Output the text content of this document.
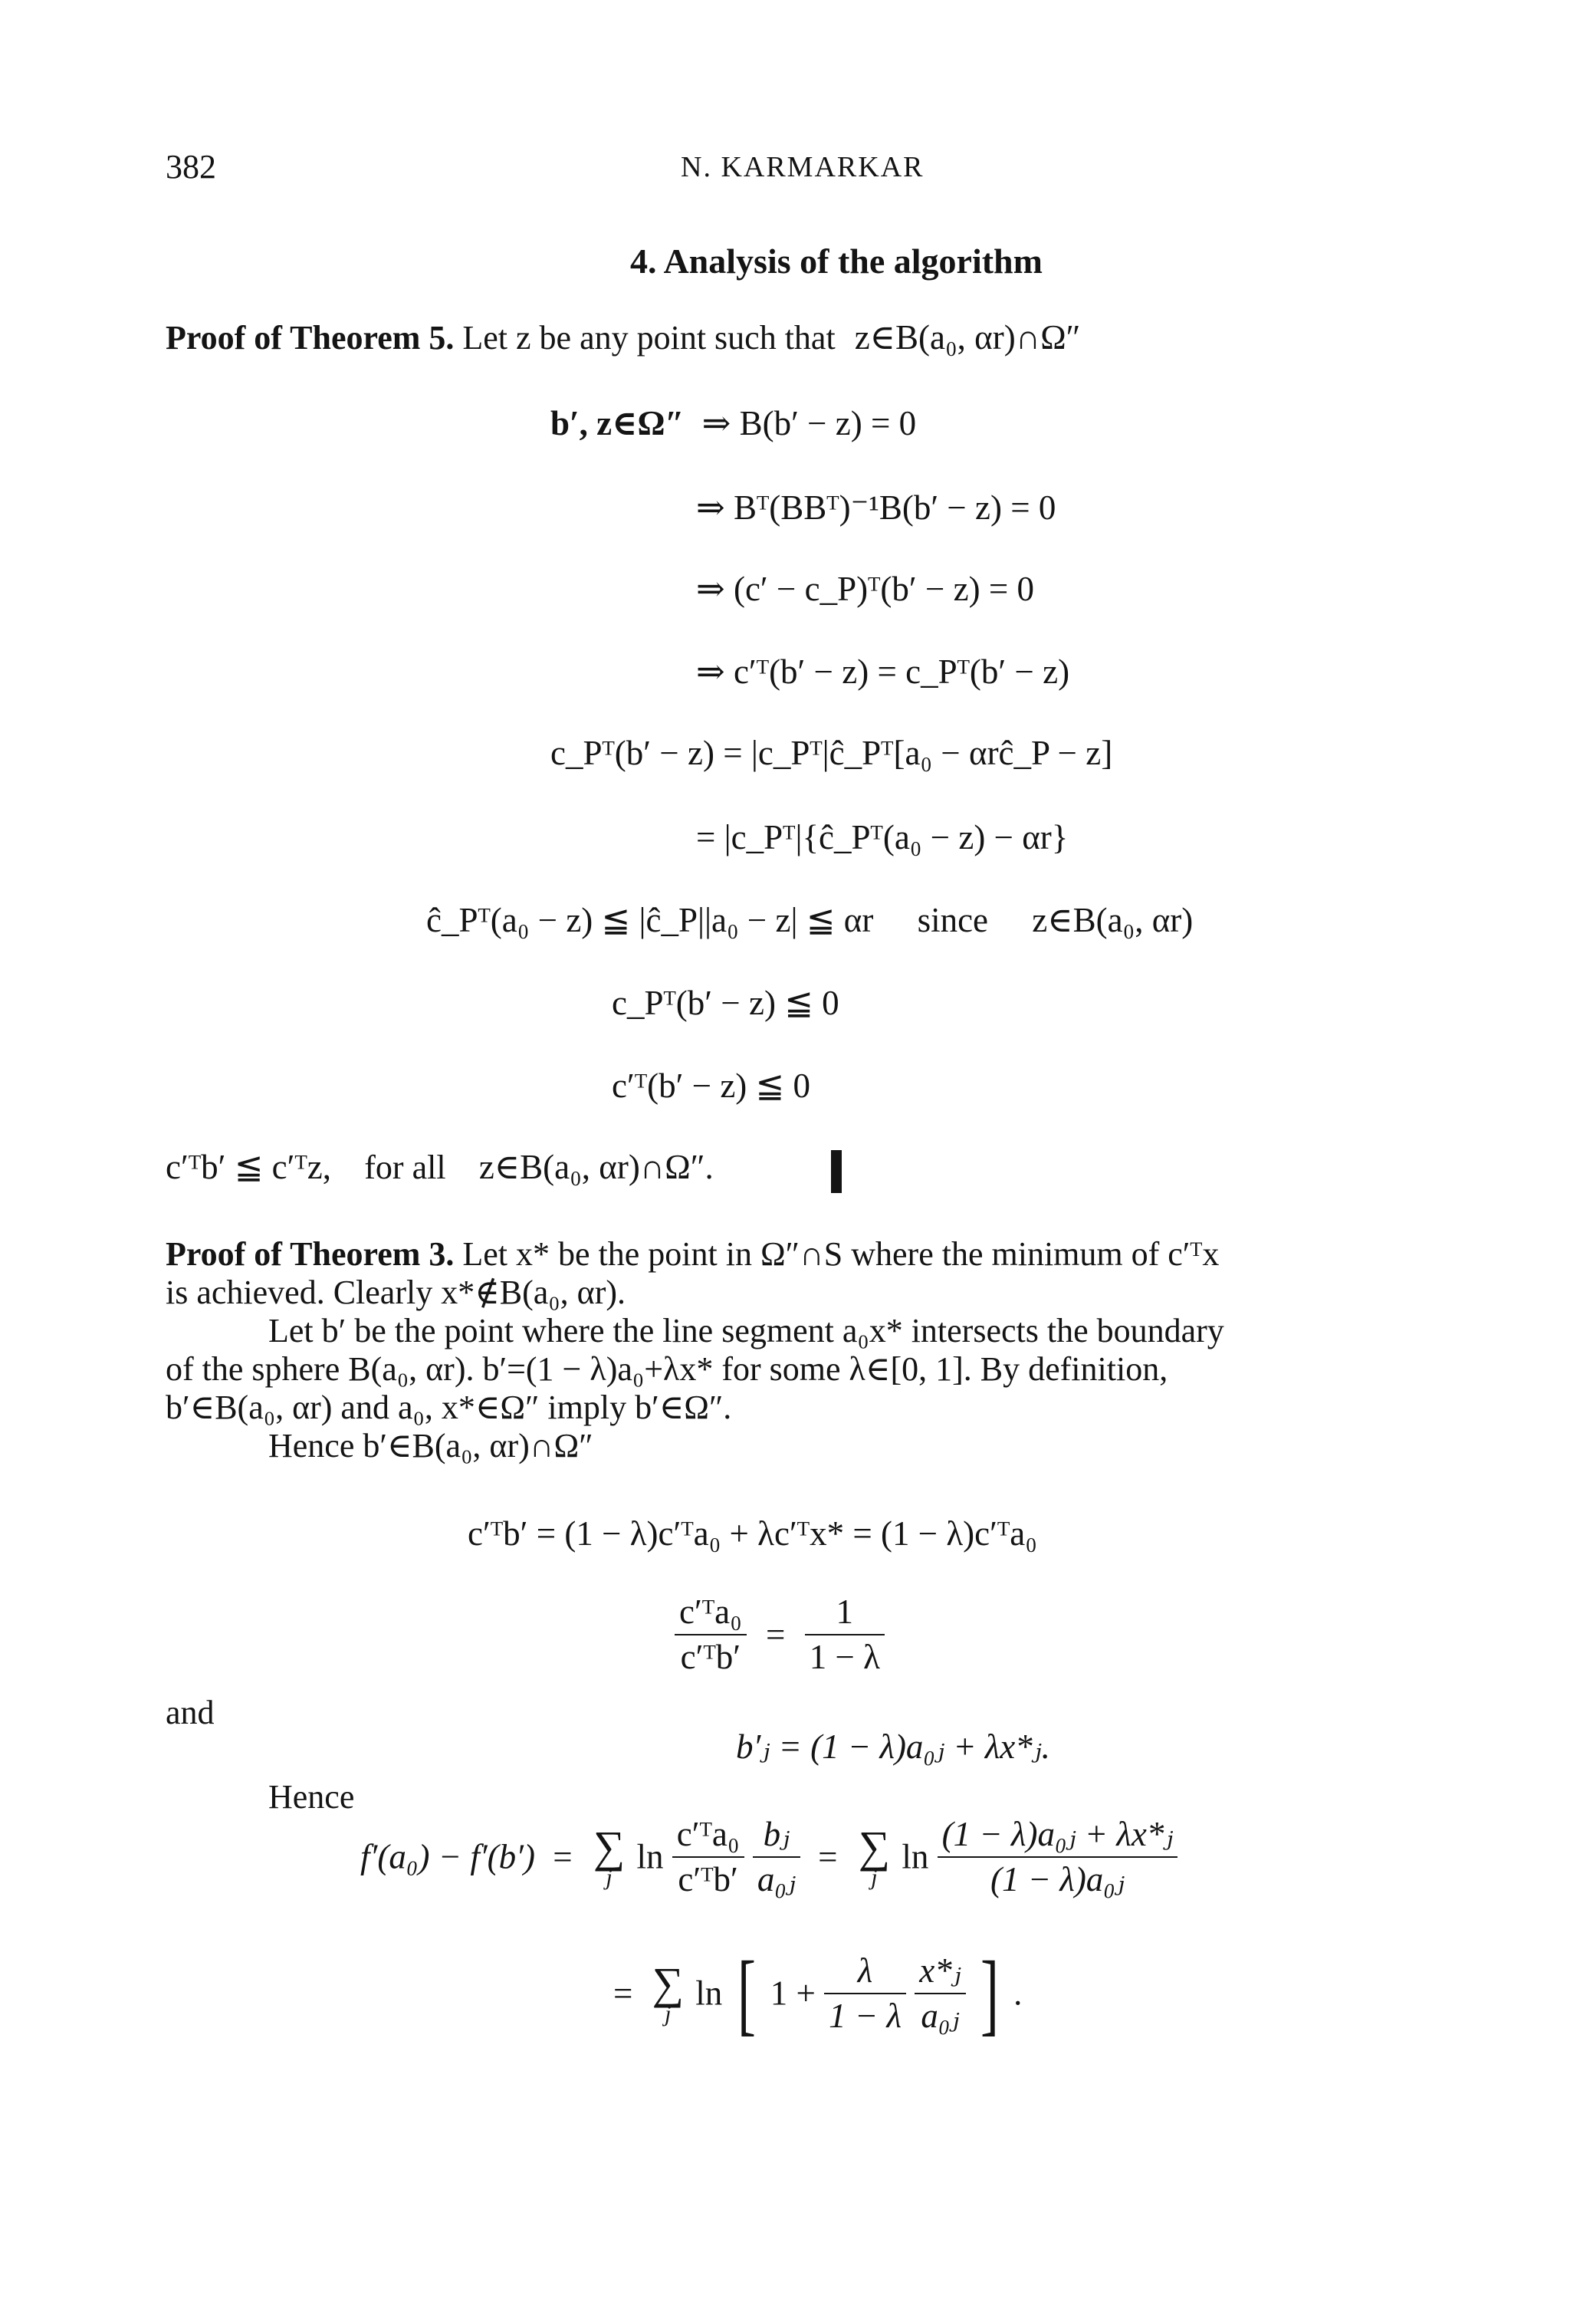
382	N. KARMARKAR
4. Analysis of the algorithm
Proof of Theorem 5. Let z be any point such that z∈B(a₀, αr)∩Ω″
b′, z∈Ω″ ⇒ B(b′ − z) = 0
⇒ Bᵀ(BBᵀ)⁻¹B(b′ − z) = 0
⇒ (c′ − c_P)ᵀ(b′ − z) = 0
⇒ c′ᵀ(b′ − z) = c_Pᵀ(b′ − z)
c_Pᵀ(b′ − z) = |c_Pᵀ|ĉ_Pᵀ[a₀ − αrĉ_P − z]
= |c_Pᵀ|{ĉ_Pᵀ(a₀ − z) − αr}
ĉ_Pᵀ(a₀ − z) ≦ |ĉ_P||a₀ − z| ≦ αr since z∈B(a₀, αr)
c_Pᵀ(b′ − z) ≦ 0
c′ᵀ(b′ − z) ≦ 0
c′ᵀb′ ≦ c′ᵀz, for all z∈B(a₀, αr)∩Ω″.
Proof of Theorem 3. Let x* be the point in Ω″∩S where the minimum of c′ᵀx
is achieved. Clearly x*∉B(a₀, αr).
Let b′ be the point where the line segment a₀x* intersects the boundary
of the sphere B(a₀, αr). b′=(1 − λ)a₀+λx* for some λ∈[0, 1]. By definition,
b′∈B(a₀, αr) and a₀, x*∈Ω″ imply b′∈Ω″.
Hence b′∈B(a₀, αr)∩Ω″
c′ᵀb′ = (1 − λ)c′ᵀa₀ + λc′ᵀx* = (1 − λ)c′ᵀa₀
$\frac{\text{c′ᵀa₀}}{\text{c′ᵀb′}} = \frac{1}{1 - \lambda}$
and
b′ⱼ = (1 − λ)a₀ⱼ + λx*ⱼ.
Hence
f′(a₀) − f′(b′) = ∑
j
$\ln \frac{\text{c′ᵀa₀}}{\text{c′ᵀb′}}$
$\frac{\text{bⱼ}}{\text{a₀ⱼ}}$ = ∑
j
$\ln \frac{\text{(1 − λ)a₀ⱼ + λx*ⱼ}}{\text{(1 − λ)a₀ⱼ}}$
= ∑
j
ln [ $1 + \frac{\lambda}{1 - \lambda}$
$\frac{\text{x*ⱼ}}{\text{a₀ⱼ}}$ ] .
